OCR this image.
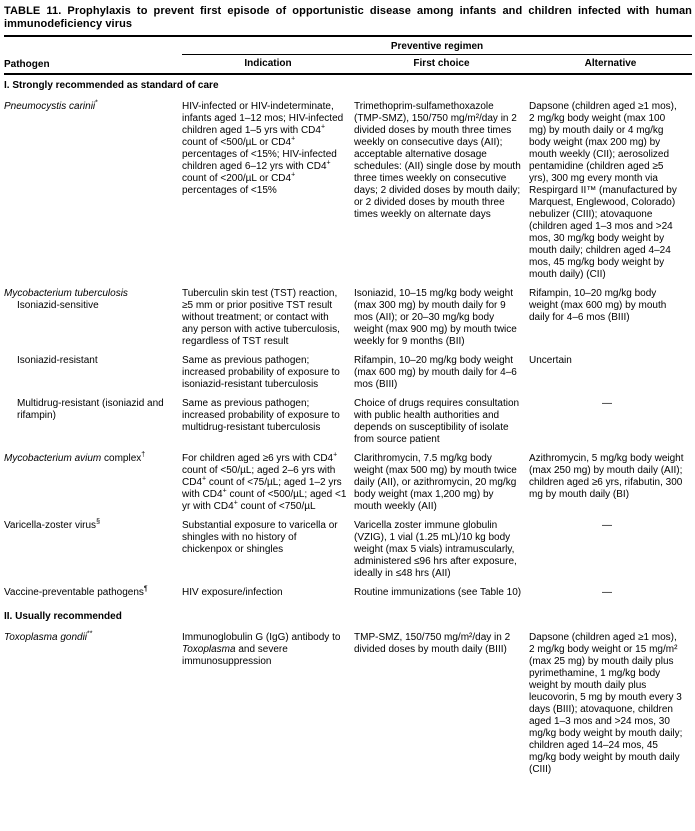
TABLE 11. Prophylaxis to prevent first episode of opportunistic disease among infants and children infected with human immunodeficiency virus
Pathogen	Preventive regimen		
	Indication	First choice	Alternative
I. Strongly recommended as standard of care			
Pneumocystis carinii*	HIV-infected or HIV-indeterminate, infants aged 1–12 mos; HIV-infected children aged 1–5 yrs with CD4+ count of <500/µL or CD4+ percentages of <15%; HIV-infected children aged 6–12 yrs with CD4+ count of <200/µL or CD4+ percentages of <15%	Trimethoprim-sulfamethoxazole (TMP-SMZ), 150/750 mg/m²/day in 2 divided doses by mouth three times weekly on consecutive days (AII); acceptable alternative dosage schedules: (AII) single dose by mouth three times weekly on consecutive days; 2 divided doses by mouth daily; or 2 divided doses by mouth three times weekly on alternate days	Dapsone (children aged ≥1 mos), 2 mg/kg body weight (max 100 mg) by mouth daily or 4 mg/kg body weight (max 200 mg) by mouth weekly (CII); aerosolized pentamidine (children aged ≥5 yrs), 300 mg every month via Respirgard II™ (manufactured by Marquest, Englewood, Colorado) nebulizer (CIII); atovaquone (children aged 1–3 mos and >24 mos, 30 mg/kg body weight by mouth daily; children aged 4–24 mos, 45 mg/kg body weight by mouth daily) (CII)
Mycobacterium tuberculosis
Isoniazid-sensitive	Tuberculin skin test (TST) reaction, ≥5 mm or prior positive TST result without treatment; or contact with any person with active tuberculosis, regardless of TST result	Isoniazid, 10–15 mg/kg body weight (max 300 mg) by mouth daily for 9 mos (AII); or 20–30 mg/kg body weight (max 900 mg) by mouth twice weekly for 9 months (BII)	Rifampin, 10–20 mg/kg body weight (max 600 mg) by mouth daily for 4–6 mos (BIII)
Isoniazid-resistant	Same as previous pathogen; increased probability of exposure to isoniazid-resistant tuberculosis	Rifampin, 10–20 mg/kg body weight (max 600 mg) by mouth daily for 4–6 mos (BIII)	Uncertain
Multidrug-resistant (isoniazid and rifampin)	Same as previous pathogen; increased probability of exposure to multidrug-resistant tuberculosis	Choice of drugs requires consultation with public health authorities and depends on susceptibility of isolate from source patient	—
Mycobacterium avium complex†	For children aged ≥6 yrs with CD4+ count of <50/µL; aged 2–6 yrs with CD4+ count of <75/µL; aged 1–2 yrs with CD4+ count of <500/µL; aged <1 yr with CD4+ count of <750/µL	Clarithromycin, 7.5 mg/kg body weight (max 500 mg) by mouth twice daily (AII), or azithromycin, 20 mg/kg body weight (max 1,200 mg) by mouth weekly (AII)	Azithromycin, 5 mg/kg body weight (max 250 mg) by mouth daily (AII); children aged ≥6 yrs, rifabutin, 300 mg by mouth daily (BI)
Varicella-zoster virus§	Substantial exposure to varicella or shingles with no history of chickenpox or shingles	Varicella zoster immune globulin (VZIG), 1 vial (1.25 mL)/10 kg body weight (max 5 vials) intramuscularly, administered ≤96 hrs after exposure, ideally in ≤48 hrs (AII)	—
Vaccine-preventable pathogens¶	HIV exposure/infection	Routine immunizations (see Table 10)	—
II. Usually recommended			
Toxoplasma gondii**	Immunoglobulin G (IgG) antibody to Toxoplasma and severe immunosuppression	TMP-SMZ, 150/750 mg/m²/day in 2 divided doses by mouth daily (BIII)	Dapsone (children aged ≥1 mos), 2 mg/kg body weight or 15 mg/m² (max 25 mg) by mouth daily plus pyrimethamine, 1 mg/kg body weight by mouth daily plus leucovorin, 5 mg by mouth every 3 days (BIII); atovaquone, children aged 1–3 mos and >24 mos, 30 mg/kg body weight by mouth daily; children aged 14–24 mos, 45 mg/kg body weight by mouth daily (CIII)
